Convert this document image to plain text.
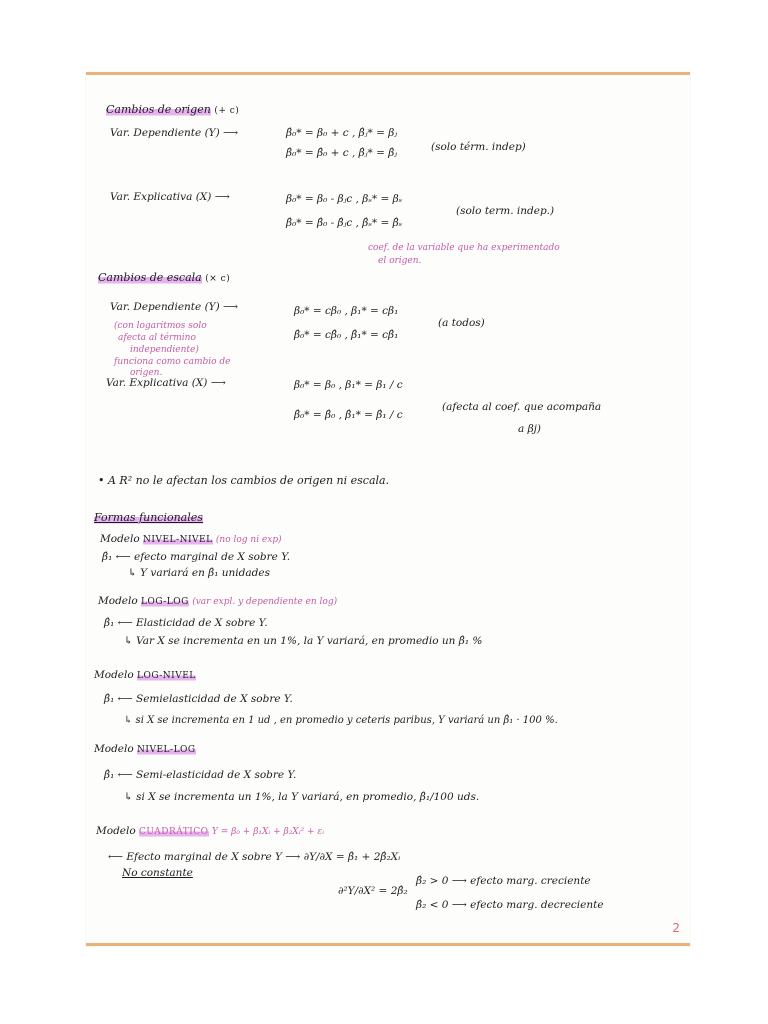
Cambios de origen (+ c)
Var. Dependiente (Y) ⟶	β̂₀* = β₀ + c , β̂ⱼ* = βⱼ
β̂₀* = β̂₀ + c , β̂ⱼ* = β̂ⱼ	(solo térm. indep)
Var. Explicativa (X) ⟶	β₀* = β₀ - βⱼc , βₛ* = βₛ
β̂₀* = β̂₀ - β̂ⱼc , β̂ₛ* = β̂ₛ
(solo term. indep.)
coef. de la variable que ha experimentado
el origen.
Cambios de escala (× c)
Var. Dependiente (Y) ⟶	β₀* = cβ₀ , β₁* = cβ₁
β̂₀* = cβ̂₀ , β̂₁* = cβ̂₁
(a todos)
(con logaritmos solo
afecta al término
independiente)
funciona como cambio de
origen.
Var. Explicativa (X) ⟶	β₀* = β₀ , β₁* = β₁ / c
β̂₀* = β̂₀ , β̂₁* = β̂₁ / c
(afecta al coef. que acompaña
a βj)
• A R² no le afectan los cambios de origen ni escala.
Formas funcionales
Modelo NIVEL-NIVEL (no log ni exp)
β̂₁ ⟵ efecto marginal de X sobre Y.
↳ Y variará en β̂₁ unidades
Modelo LOG-LOG (var expl. y dependiente en log)
β̂₁ ⟵ Elasticidad de X sobre Y.
↳ Var X se incrementa en un 1%, la Y variará, en promedio un β̂₁ %
Modelo LOG-NIVEL
β̂₁ ⟵ Semielasticidad de X sobre Y.
↳ si X se incrementa en 1 ud , en promedio y ceteris paribus, Y variará un β̂₁ · 100 %.
Modelo NIVEL-LOG
β̂₁ ⟵ Semi-elasticidad de X sobre Y.
↳ si X se incrementa un 1%, la Y variará, en promedio, β̂₁/100 uds.
Modelo CUADRÁTICO Y = β₀ + β₁Xᵢ + β₂Xᵢ² + εᵢ
⟵ Efecto marginal de X sobre Y ⟶ ∂Y/∂X = β̂₁ + 2β̂₂Xᵢ
No constante
∂²Y/∂X² = 2β̂₂
β̂₂ > 0 ⟶ efecto marg. creciente
β̂₂ < 0 ⟶ efecto marg. decreciente
2
